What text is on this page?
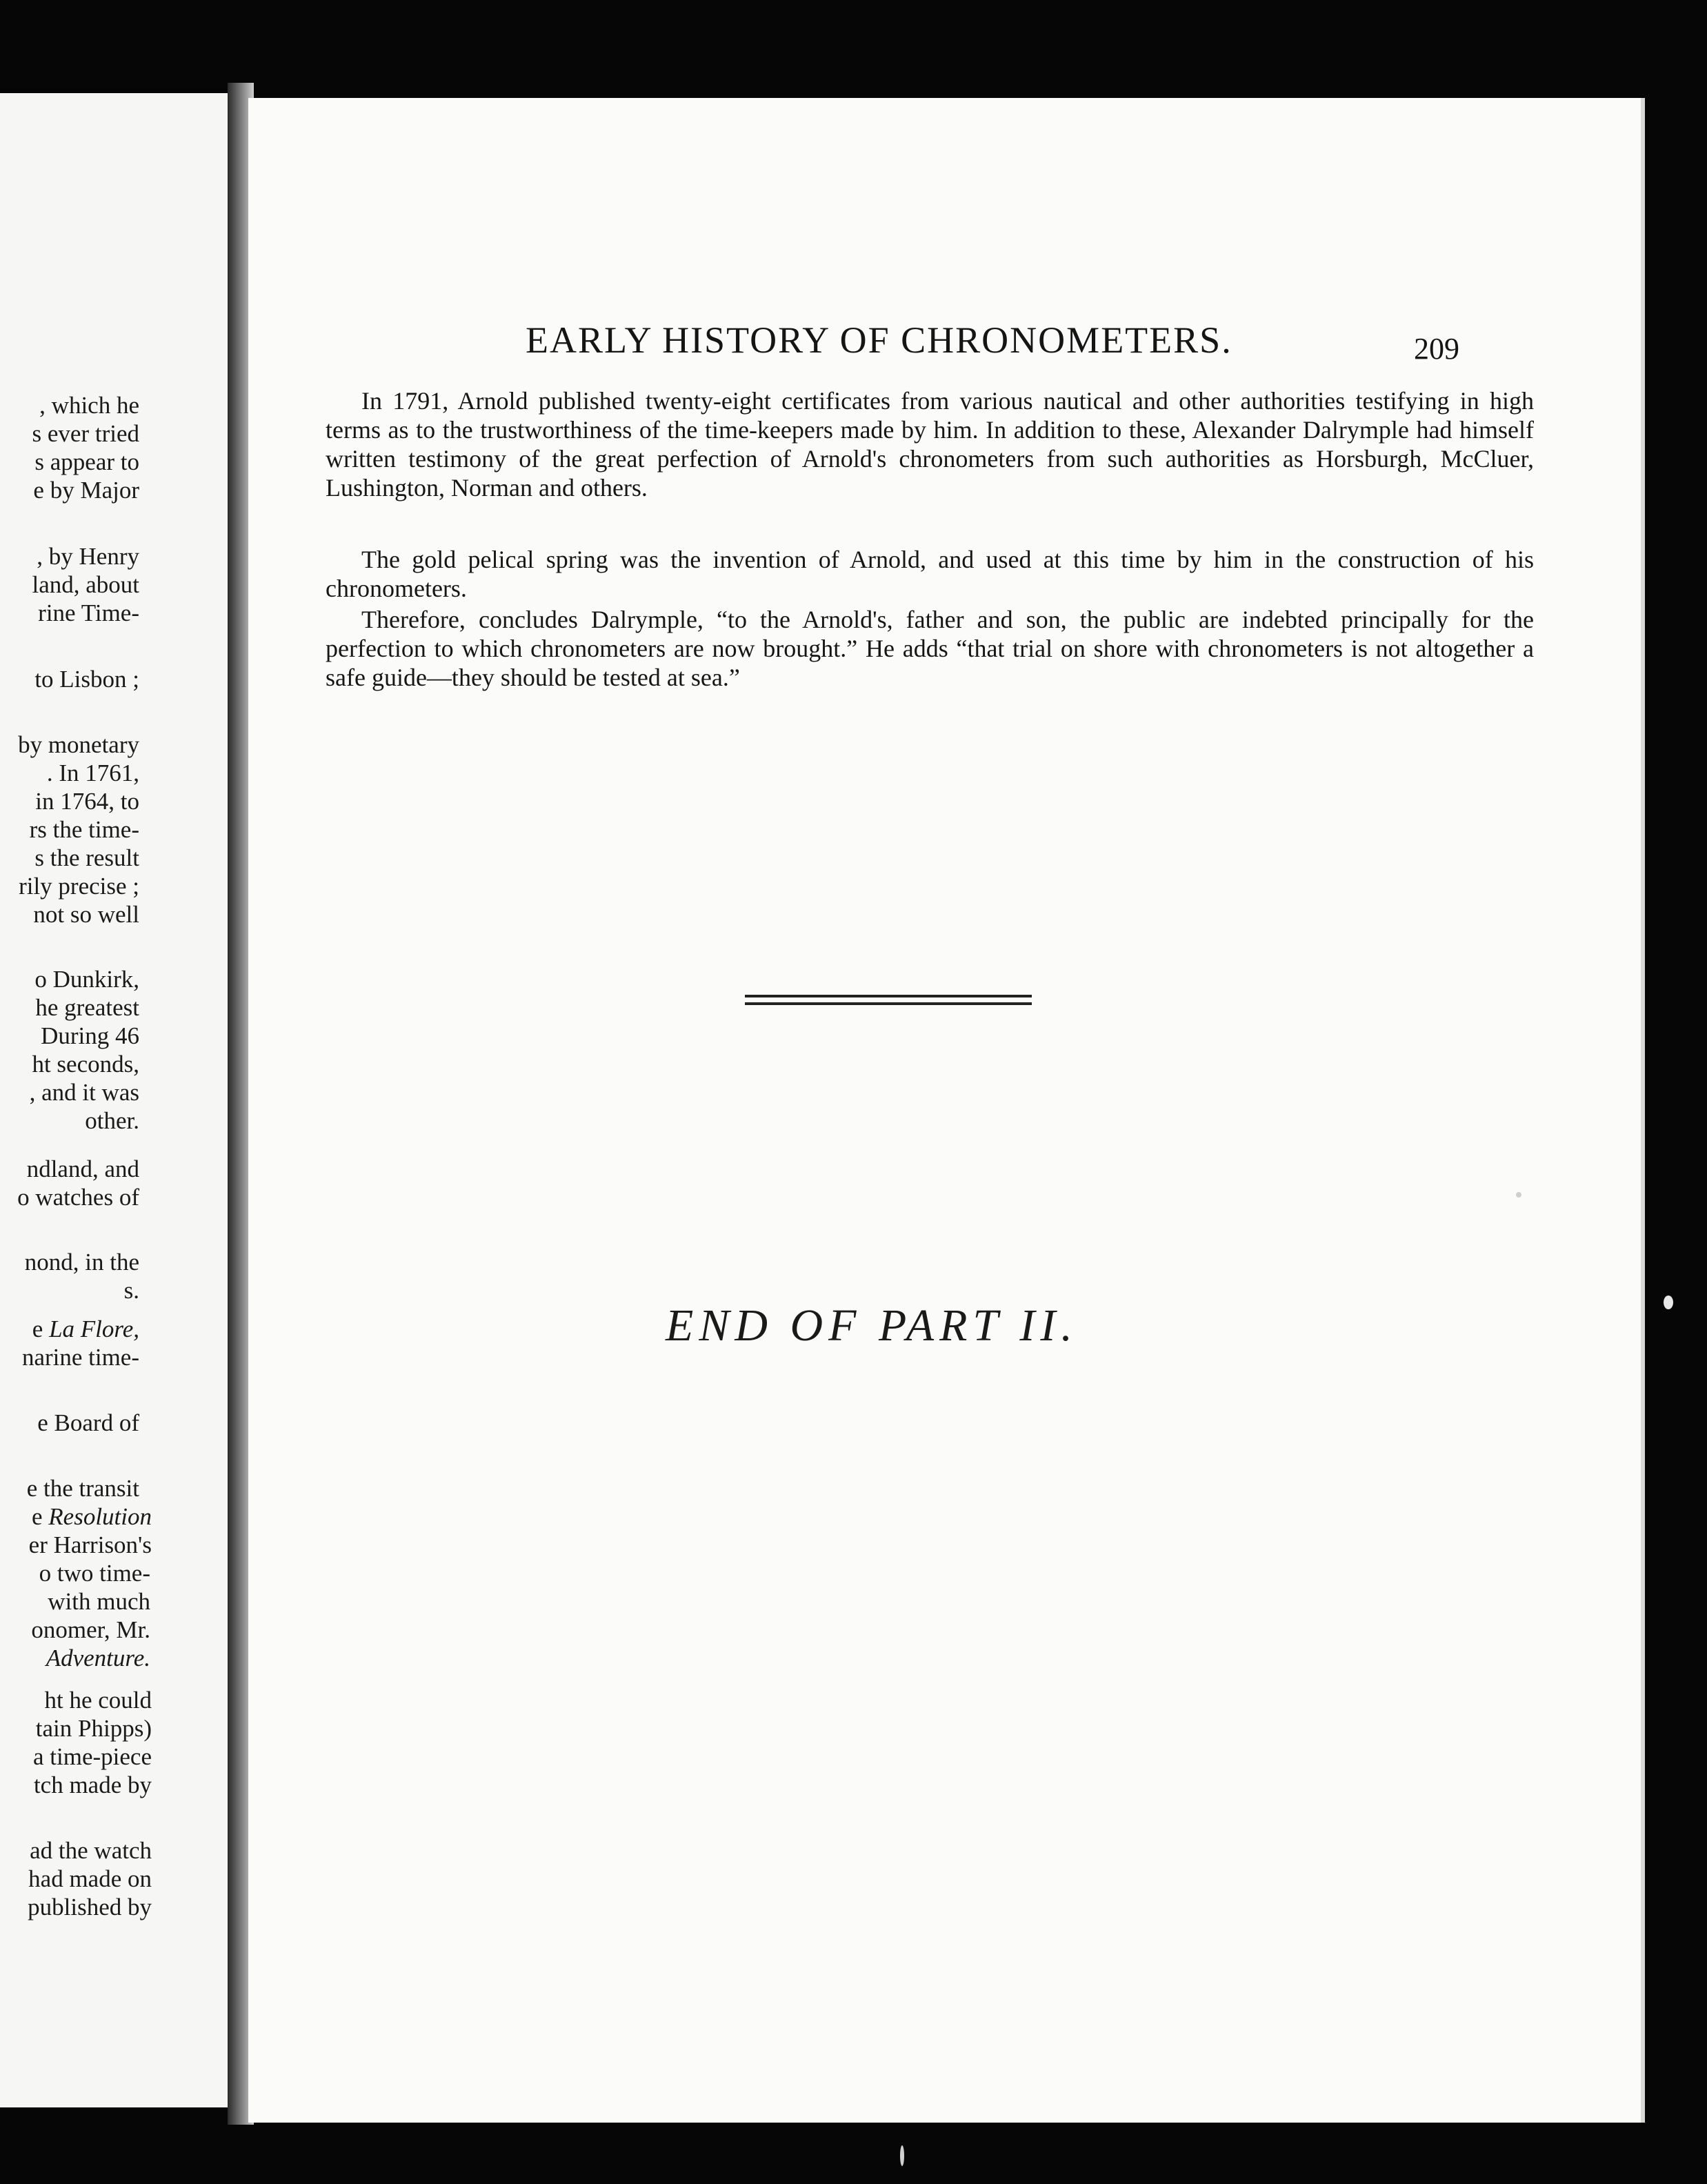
, which he
s ever tried
s appear to
e by Major
, by Henry
land, about
rine Time-
to Lisbon ;
by monetary
. In 1761,
in 1764, to
rs the time-
s the result
rily precise ;
not so well
o Dunkirk,
he greatest
During 46
ht seconds,
, and it was
other.
ndland, and
o watches of
nond, in the
s.
e La Flore,
narine time-
e Board of
e the transit
e Resolution
er Harrison's
o two time-
with much
onomer, Mr.
Adventure.
ht he could
tain Phipps)
a time-piece
tch made by
ad the watch
had made on
published by
EARLY HISTORY OF CHRONOMETERS.	209

In 1791, Arnold published twenty-eight certificates from various nautical and other authorities testifying in high terms as to the trustworthiness of the time-keepers made by him. In addition to these, Alexander Dalrymple had himself written testimony of the great perfection of Arnold's chronometers from such authorities as Horsburgh, McCluer, Lushington, Norman and others.

The gold pelical spring was the invention of Arnold, and used at this time by him in the construction of his chronometers.

Therefore, concludes Dalrymple, “to the Arnold's, father and son, the public are indebted principally for the perfection to which chronometers are now brought.” He adds “that trial on shore with chronometers is not altogether a safe guide—they should be tested at sea.”

END OF PART II.
